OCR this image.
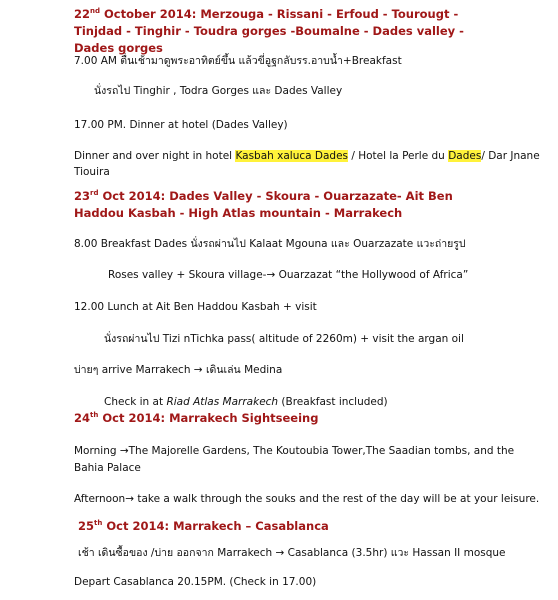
22nd October 2014: Merzouga - Rissani - Erfoud - Tourougt -Tinjdad - Tinghir - Toudra gorges -Boumalne - Dades valley - Dades gorges
7.00 AM ตื่นเช้ามาดูพระอาทิตย์ขึ้น แล้วขี่อูฐกลับรร.อาบน้ำ+Breakfast
นั่งรถไป Tinghir , Todra Gorges และ Dades Valley
17.00 PM. Dinner at hotel (Dades Valley)
Dinner and over night in hotel Kasbah xaluca Dades / Hotel la Perle du Dades/ Dar Jnane
Tiouira
23rd Oct 2014: Dades Valley - Skoura - Ouarzazate- Ait Ben Haddou Kasbah - High Atlas mountain - Marrakech
8.00 Breakfast Dades นั่งรถผ่านไป Kalaat Mgouna และ Ouarzazate แวะถ่ายรูป
Roses valley + Skoura village-→ Ouarzazat “the Hollywood of Africa”
12.00 Lunch at Ait Ben Haddou Kasbah + visit
นั่งรถผ่านไป Tizi nTichka pass( altitude of 2260m) + visit the argan oil
บ่ายๆ arrive Marrakech → เดินเล่น Medina
Check in at Riad Atlas Marrakech (Breakfast included)
24th Oct 2014: Marrakech Sightseeing
Morning →The Majorelle Gardens, The Koutoubia Tower,The Saadian tombs, and the
Bahia Palace
Afternoon→ take a walk through the souks and the rest of the day will be at your leisure.
25th Oct 2014: Marrakech – Casablanca
เช้า เดินซื้อของ /บ่าย ออกจาก Marrakech → Casablanca (3.5hr) แวะ Hassan II mosque
Depart Casablanca 20.15PM. (Check in 17.00)
